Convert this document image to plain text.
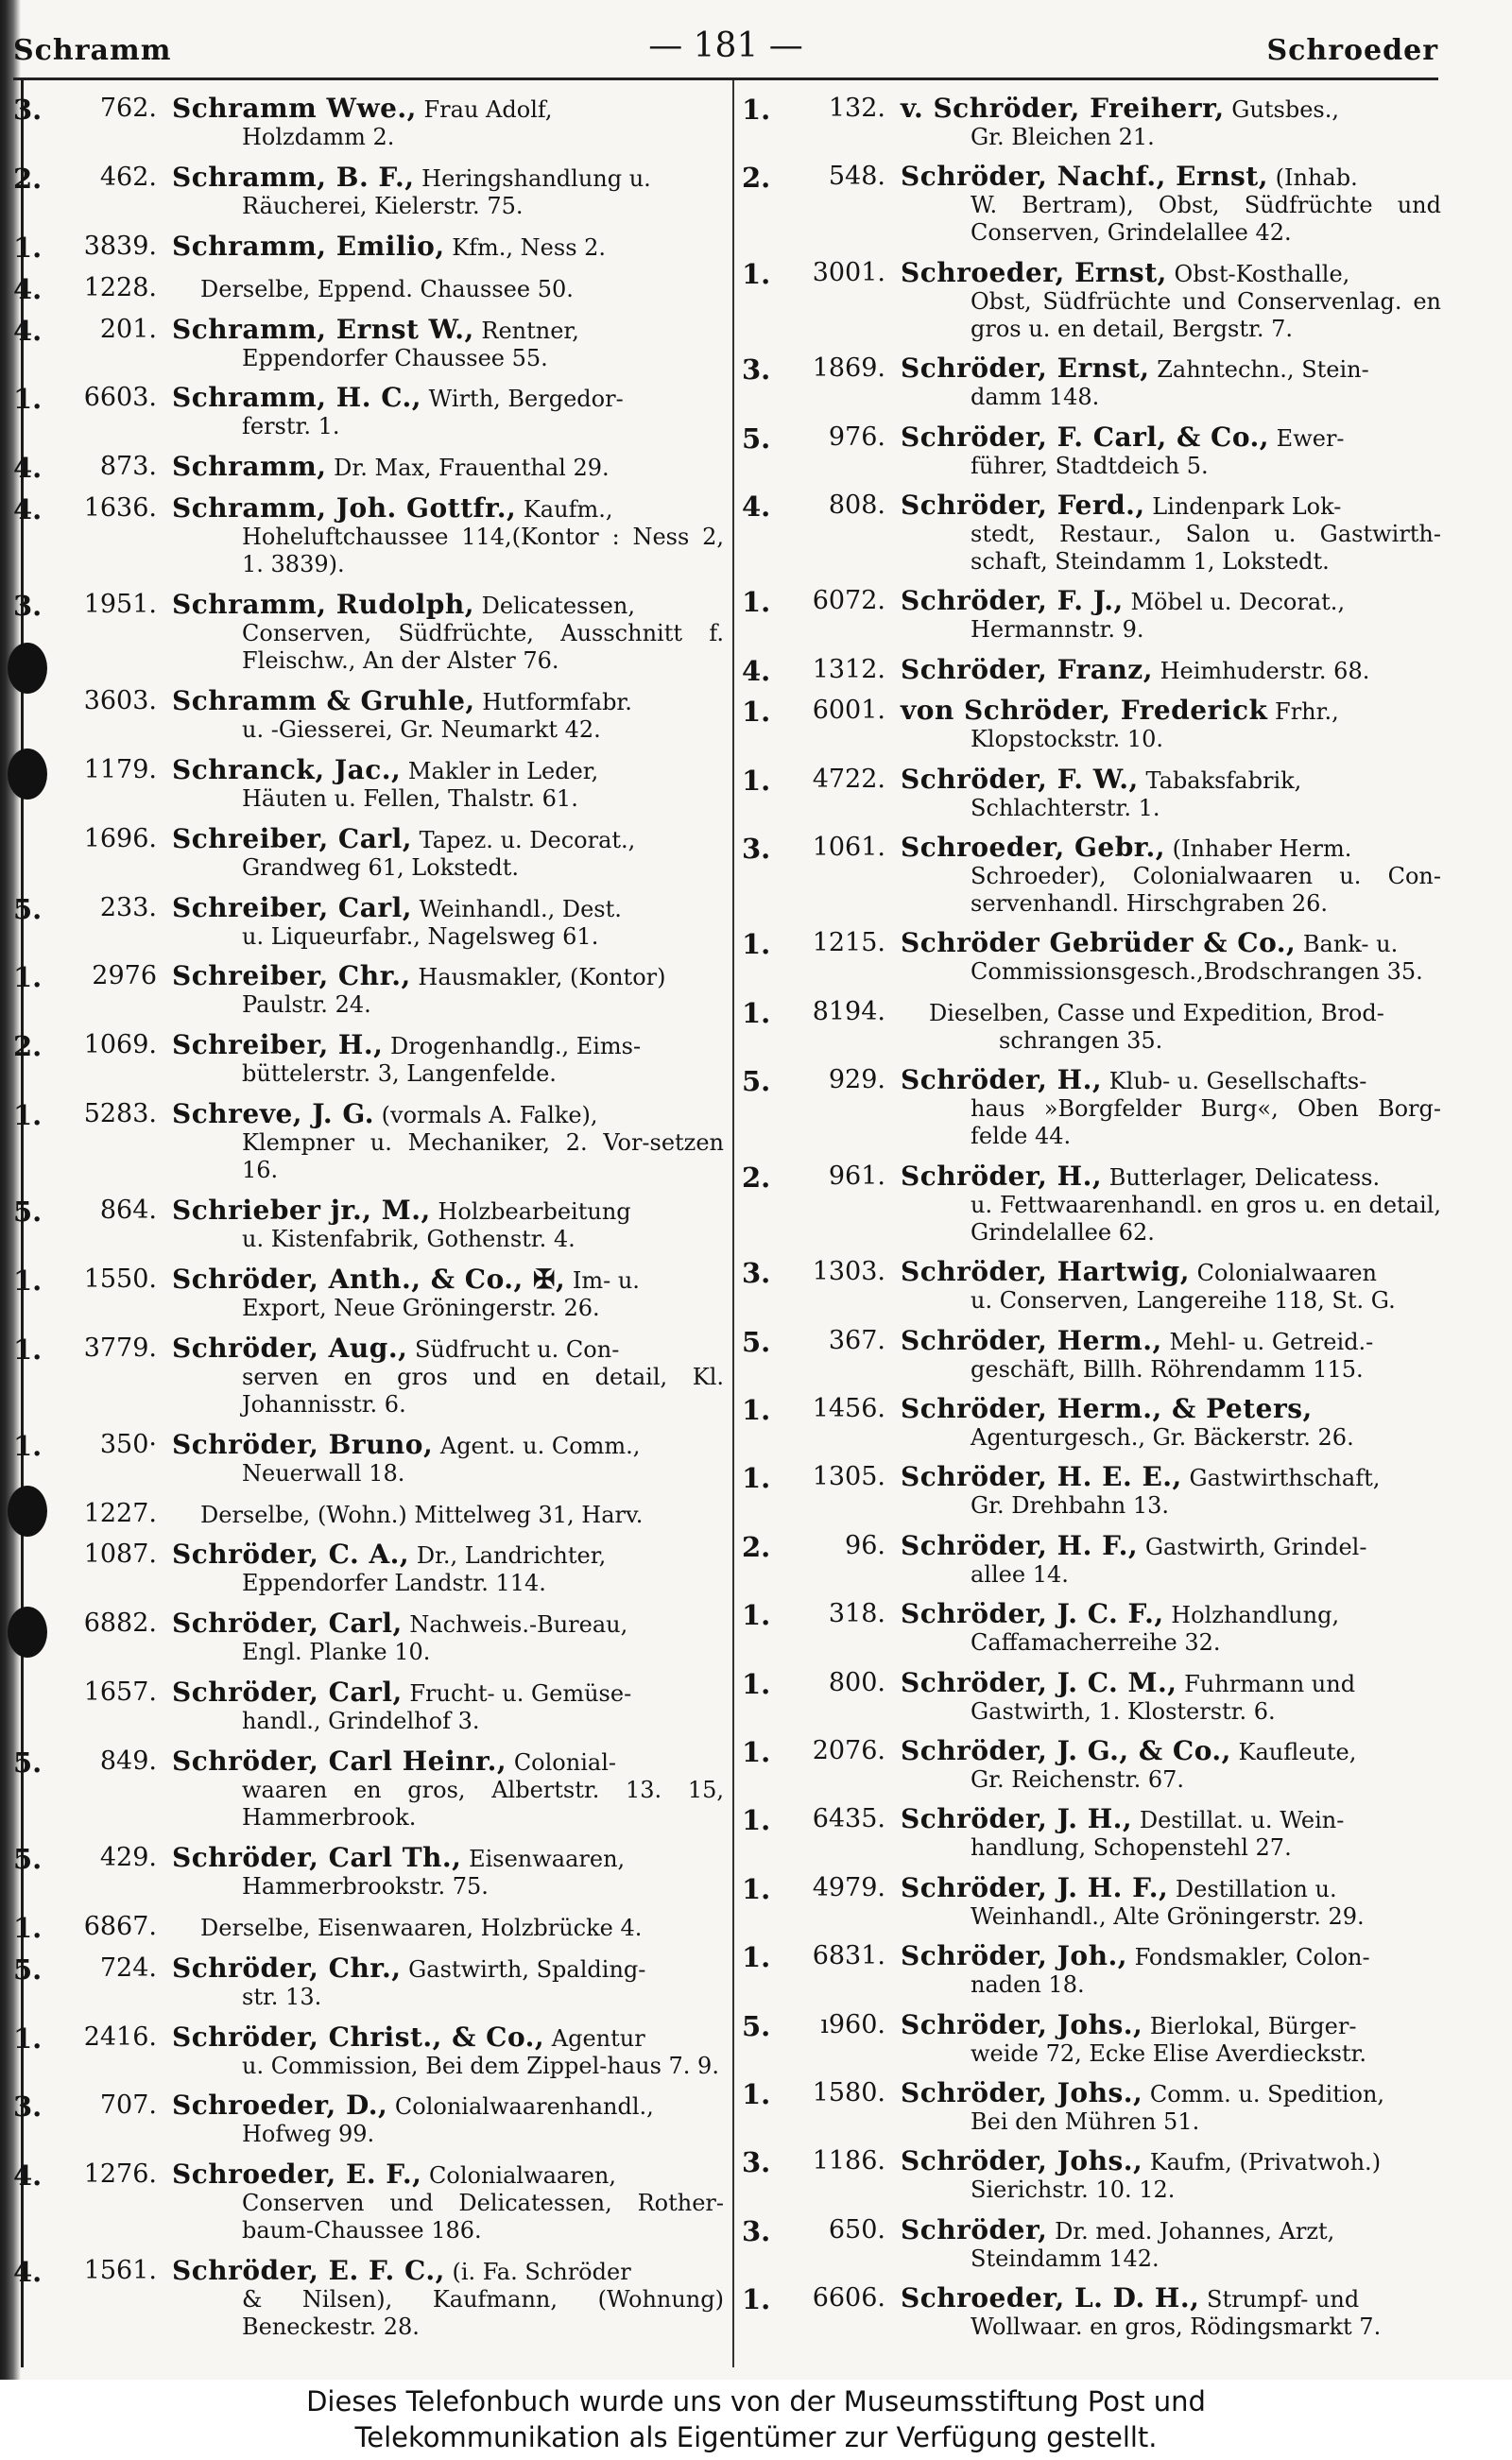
Schramm	— 181 —	Schroeder
3.	762. Schramm Wwe., Frau Adolf,
Holzdamm 2.
2.	462. Schramm, B. F., Heringshandlung u.
Räucherei, Kielerstr. 75.
1.	3839. Schramm, Emilio, Kfm., Ness 2.
4.	1228.	Derselbe, Eppend. Chaussee 50.
4.	201. Schramm, Ernst W., Rentner,
Eppendorfer Chaussee 55.
1.	6603. Schramm, H. C., Wirth, Bergedor-
ferstr. 1.
4.	873. Schramm, Dr. Max, Frauenthal 29.
4.	1636. Schramm, Joh. Gottfr., Kaufm.,
Hoheluftchaussee 114,(Kontor : Ness 2, 1. 3839).
3.	1951. Schramm, Rudolph, Delicatessen,
Conserven, Südfrüchte, Ausschnitt f. Fleischw., An der Alster 76.
3603. Schramm & Gruhle, Hutformfabr.
u. -Giesserei, Gr. Neumarkt 42.
1179. Schranck, Jac., Makler in Leder,
Häuten u. Fellen, Thalstr. 61.
1696. Schreiber, Carl, Tapez. u. Decorat.,
Grandweg 61, Lokstedt.
5.	233. Schreiber, Carl, Weinhandl., Dest.
u. Liqueurfabr., Nagelsweg 61.
1.	2976 Schreiber, Chr., Hausmakler, (Kontor)
Paulstr. 24.
2.	1069. Schreiber, H., Drogenhandlg., Eims-
büttelerstr. 3, Langenfelde.
1.	5283. Schreve, J. G. (vormals A. Falke),
Klempner u. Mechaniker, 2. Vor-setzen 16.
5.	864. Schrieber jr., M., Holzbearbeitung
u. Kistenfabrik, Gothenstr. 4.
1.	1550. Schröder, Anth., & Co., ✠, Im- u.
Export, Neue Gröningerstr. 26.
1.	3779. Schröder, Aug., Südfrucht u. Con-
serven en gros und en detail, Kl. Johannisstr. 6.
1.	350· Schröder, Bruno, Agent. u. Comm.,
Neuerwall 18.
1227.	Derselbe, (Wohn.) Mittelweg 31, Harv.
1087. Schröder, C. A., Dr., Landrichter,
Eppendorfer Landstr. 114.
6882. Schröder, Carl, Nachweis.-Bureau,
Engl. Planke 10.
1657. Schröder, Carl, Frucht- u. Gemüse-
handl., Grindelhof 3.
5.	849. Schröder, Carl Heinr., Colonial-
waaren en gros, Albertstr. 13. 15, Hammerbrook.
5.	429. Schröder, Carl Th., Eisenwaaren,
Hammerbrookstr. 75.
1.	6867.	Derselbe, Eisenwaaren, Holzbrücke 4.
5.	724. Schröder, Chr., Gastwirth, Spalding-
str. 13.
1.	2416. Schröder, Christ., & Co., Agentur
u. Commission, Bei dem Zippel-haus 7. 9.
3.	707. Schroeder, D., Colonialwaarenhandl.,
Hofweg 99.
4.	1276. Schroeder, E. F., Colonialwaaren,
Conserven und Delicatessen, Rother-baum-Chaussee 186.
4.	1561. Schröder, E. F. C., (i. Fa. Schröder
& Nilsen), Kaufmann, (Wohnung) Beneckestr. 28.
1.	132. v. Schröder, Freiherr, Gutsbes.,
Gr. Bleichen 21.
2.	548. Schröder, Nachf., Ernst, (Inhab.
W. Bertram), Obst, Südfrüchte und Conserven, Grindelallee 42.
1.	3001. Schroeder, Ernst, Obst-Kosthalle,
Obst, Südfrüchte und Conservenlag. en gros u. en detail, Bergstr. 7.
3.	1869. Schröder, Ernst, Zahntechn., Stein-
damm 148.
5.	976. Schröder, F. Carl, & Co., Ewer-
führer, Stadtdeich 5.
4.	808. Schröder, Ferd., Lindenpark Lok-
stedt, Restaur., Salon u. Gastwirth-schaft, Steindamm 1, Lokstedt.
1.	6072. Schröder, F. J., Möbel u. Decorat.,
Hermannstr. 9.
4.	1312. Schröder, Franz, Heimhuderstr. 68.
1.	6001. von Schröder, Frederick Frhr.,
Klopstockstr. 10.
1.	4722. Schröder, F. W., Tabaksfabrik,
Schlachterstr. 1.
3.	1061. Schroeder, Gebr., (Inhaber Herm.
Schroeder), Colonialwaaren u. Con-servenhandl. Hirschgraben 26.
1.	1215. Schröder Gebrüder & Co., Bank- u.
Commissionsgesch.,Brodschrangen 35.
1.	8194.	Dieselben, Casse und Expedition, Brod-
schrangen 35.
5.	929. Schröder, H., Klub- u. Gesellschafts-
haus »Borgfelder Burg«, Oben Borg-felde 44.
2.	961. Schröder, H., Butterlager, Delicatess.
u. Fettwaarenhandl. en gros u. en detail, Grindelallee 62.
3.	1303. Schröder, Hartwig, Colonialwaaren
u. Conserven, Langereihe 118, St. G.
5.	367. Schröder, Herm., Mehl- u. Getreid.-
geschäft, Billh. Röhrendamm 115.
1.	1456. Schröder, Herm., & Peters,
Agenturgesch., Gr. Bäckerstr. 26.
1.	1305. Schröder, H. E. E., Gastwirthschaft,
Gr. Drehbahn 13.
2.	96. Schröder, H. F., Gastwirth, Grindel-
allee 14.
1.	318. Schröder, J. C. F., Holzhandlung,
Caffamacherreihe 32.
1.	800. Schröder, J. C. M., Fuhrmann und
Gastwirth, 1. Klosterstr. 6.
1.	2076. Schröder, J. G., & Co., Kaufleute,
Gr. Reichenstr. 67.
1.	6435. Schröder, J. H., Destillat. u. Wein-
handlung, Schopenstehl 27.
1.	4979. Schröder, J. H. F., Destillation u.
Weinhandl., Alte Gröningerstr. 29.
1.	6831. Schröder, Joh., Fondsmakler, Colon-
naden 18.
5.	ı960. Schröder, Johs., Bierlokal, Bürger-
weide 72, Ecke Elise Averdieckstr.
1.	1580. Schröder, Johs., Comm. u. Spedition,
Bei den Mühren 51.
3.	1186. Schröder, Johs., Kaufm, (Privatwoh.)
Sierichstr. 10. 12.
3.	650. Schröder, Dr. med. Johannes, Arzt,
Steindamm 142.
1.	6606. Schroeder, L. D. H., Strumpf- und
Wollwaar. en gros, Rödingsmarkt 7.
Dieses Telefonbuch wurde uns von der Museumsstiftung Post und
Telekommunikation als Eigentümer zur Verfügung gestellt.
